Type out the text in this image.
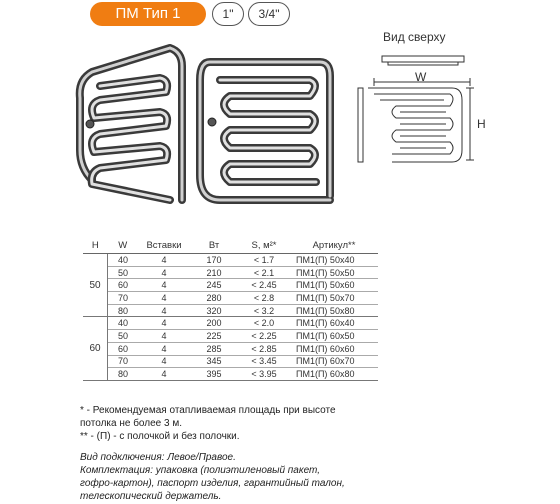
ПМ Тип 1	1"	3/4"
Вид сверху
W
H
H	W	Вставки	Вт	S, м²*	Артикул**
50	40	4	170	< 1.7	ПМ1(П) 50х40
	50	4	210	< 2.1	ПМ1(П) 50х50
	60	4	245	< 2.45	ПМ1(П) 50х60
	70	4	280	< 2.8	ПМ1(П) 50х70
	80	4	320	< 3.2	ПМ1(П) 50х80
60	40	4	200	< 2.0	ПМ1(П) 60х40
	50	4	225	< 2.25	ПМ1(П) 60х50
	60	4	285	< 2.85	ПМ1(П) 60х60
	70	4	345	< 3.45	ПМ1(П) 60х70
	80	4	395	< 3.95	ПМ1(П) 60х80

* - Рекомендуемая отапливаемая площадь при высоте

потолка не более 3 м.

** - (П) - с полочкой и без полочки.

Вид подключения: Левое/Правое.

Комплектация: упаковка (полиэтиленовый пакет,

гофро-картон), паспорт изделия, гарантийный талон,

телескопический держатель.
